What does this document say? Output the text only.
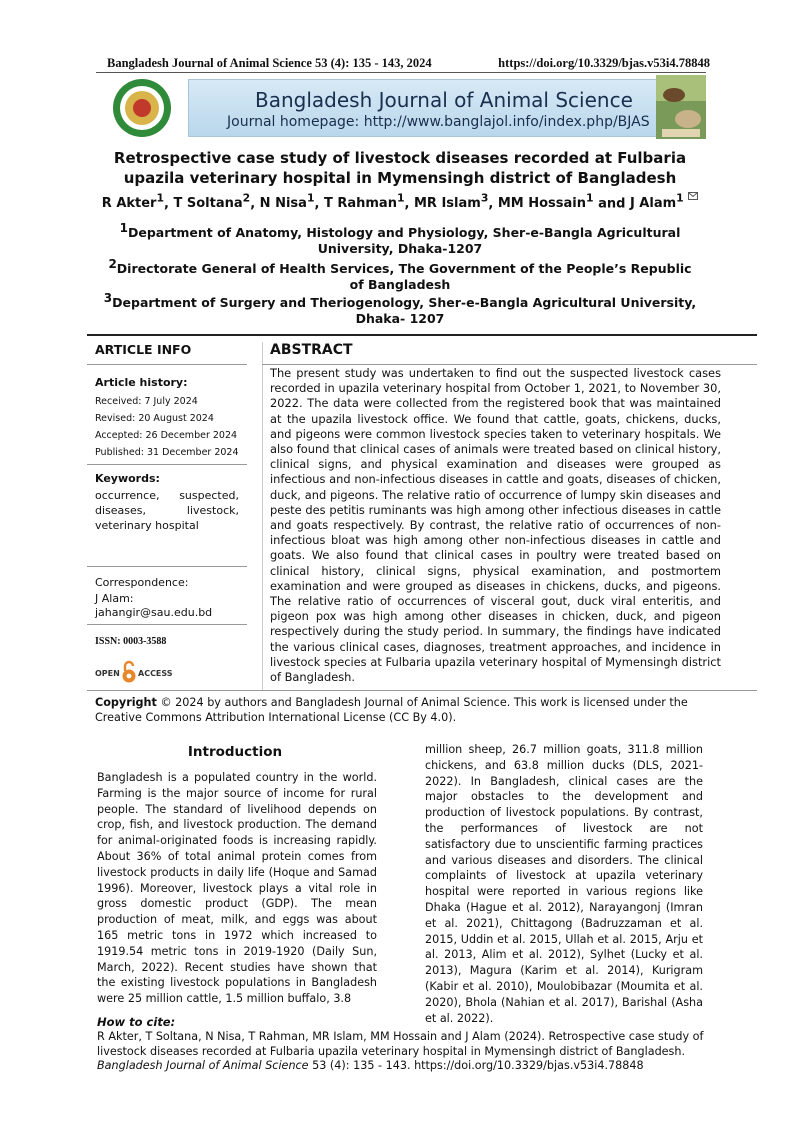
Bangladesh Journal of Animal Science 53 (4): 135 - 143, 2024	https://doi.org/10.3329/bjas.v53i4.78848
Bangladesh Journal of Animal Science
Journal homepage: http://www.banglajol.info/index.php/BJAS
Retrospective case study of livestock diseases recorded at Fulbaria upazila veterinary hospital in Mymensingh district of Bangladesh
R Akter$^1$, T Soltana$^2$, N Nisa$^1$, T Rahman$^1$, MR Islam$^3$, MM Hossain$^1$ and J Alam$^1$
$^1$Department of Anatomy, Histology and Physiology, Sher-e-Bangla Agricultural University, Dhaka-1207
$^2$Directorate General of Health Services, The Government of the People’s Republic of Bangladesh
$^3$Department of Surgery and Theriogenology, Sher-e-Bangla Agricultural University, Dhaka- 1207
ARTICLE INFO
Article history:
Received: 7 July 2024
Revised: 20 August 2024
Accepted: 26 December 2024
Published: 31 December 2024
Keywords:
occurrence, suspected, diseases, livestock, veterinary hospital
Correspondence:
J Alam:
jahangir@sau.edu.bd
ISSN: 0003-3588
OPEN ACCESS
ABSTRACT
The present study was undertaken to find out the suspected livestock cases recorded in upazila veterinary hospital from October 1, 2021, to November 30, 2022. The data were collected from the registered book that was maintained at the upazila livestock office. We found that cattle, goats, chickens, ducks, and pigeons were common livestock species taken to veterinary hospitals. We also found that clinical cases of animals were treated based on clinical history, clinical signs, and physical examination and diseases were grouped as infectious and non-infectious diseases in cattle and goats, diseases of chicken, duck, and pigeons. The relative ratio of occurrence of lumpy skin diseases and peste des petitis ruminants was high among other infectious diseases in cattle and goats respectively. By contrast, the relative ratio of occurrences of non-infectious bloat was high among other non-infectious diseases in cattle and goats. We also found that clinical cases in poultry were treated based on clinical history, clinical signs, physical examination, and postmortem examination and were grouped as diseases in chickens, ducks, and pigeons. The relative ratio of occurrences of visceral gout, duck viral enteritis, and pigeon pox was high among other diseases in chicken, duck, and pigeon respectively during the study period. In summary, the findings have indicated the various clinical cases, diagnoses, treatment approaches, and incidence in livestock species at Fulbaria upazila veterinary hospital of Mymensingh district of Bangladesh.
Copyright © 2024 by authors and Bangladesh Journal of Animal Science. This work is licensed under the Creative Commons Attribution International License (CC By 4.0).
Introduction
Bangladesh is a populated country in the world. Farming is the major source of income for rural people. The standard of livelihood depends on crop, fish, and livestock production. The demand for animal-originated foods is increasing rapidly. About 36% of total animal protein comes from livestock products in daily life (Hoque and Samad 1996). Moreover, livestock plays a vital role in gross domestic product (GDP). The mean production of meat, milk, and eggs was about 165 metric tons in 1972 which increased to 1919.54 metric tons in 2019-1920 (Daily Sun, March, 2022). Recent studies have shown that the existing livestock populations in Bangladesh were 25 million cattle, 1.5 million buffalo, 3.8
million sheep, 26.7 million goats, 311.8 million chickens, and 63.8 million ducks (DLS, 2021-2022). In Bangladesh, clinical cases are the major obstacles to the development and production of livestock populations. By contrast, the performances of livestock are not satisfactory due to unscientific farming practices and various diseases and disorders. The clinical complaints of livestock at upazila veterinary hospital were reported in various regions like Dhaka (Hague et al. 2012), Narayangonj (Imran et al. 2021), Chittagong (Badruzzaman et al. 2015, Uddin et al. 2015, Ullah et al. 2015, Arju et al. 2013, Alim et al. 2012), Sylhet (Lucky et al. 2013), Magura (Karim et al. 2014), Kurigram (Kabir et al. 2010), Moulobibazar (Moumita et al. 2020), Bhola (Nahian et al. 2017), Barishal (Asha et al. 2022).
How to cite:
R Akter, T Soltana, N Nisa, T Rahman, MR Islam, MM Hossain and J Alam (2024). Retrospective case study of livestock diseases recorded at Fulbaria upazila veterinary hospital in Mymensingh district of Bangladesh. Bangladesh Journal of Animal Science 53 (4): 135 - 143. https://doi.org/10.3329/bjas.v53i4.78848
